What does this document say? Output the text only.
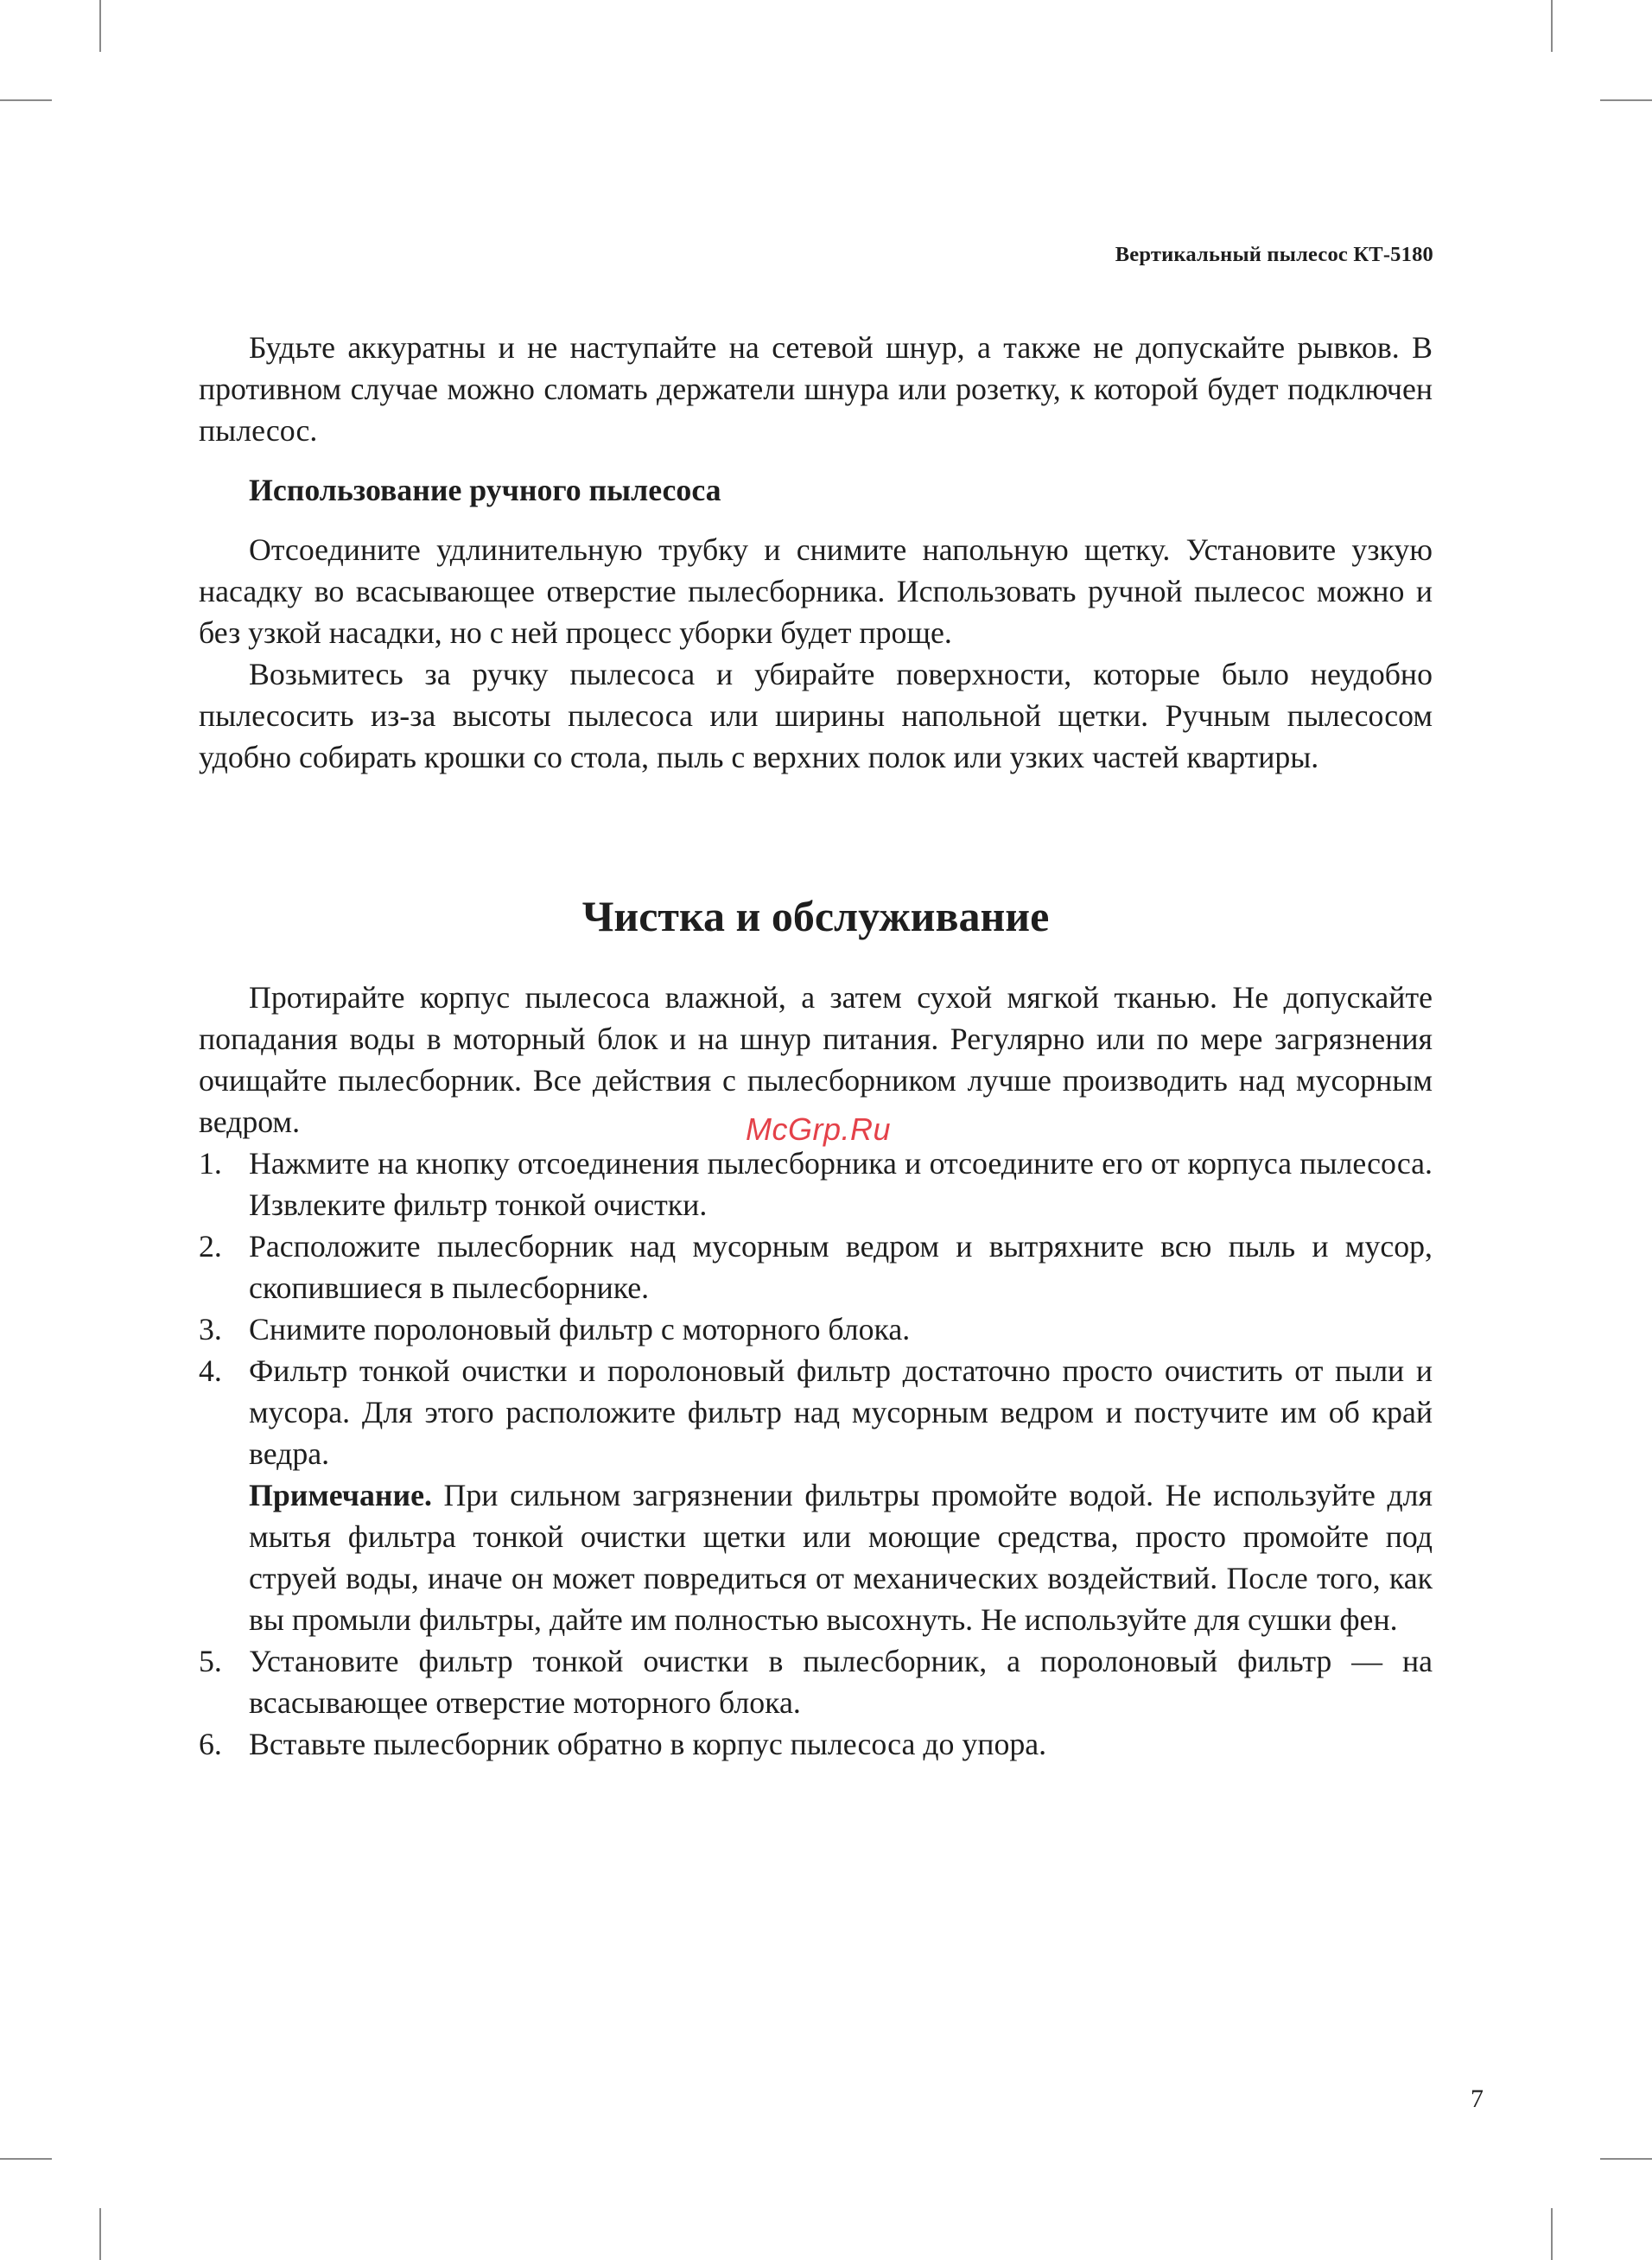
Вертикальный пылесос КТ-5180

Будьте аккуратны и не наступайте на сетевой шнур, а также не допускайте рывков. В противном случае можно сломать держатели шнура или розетку, к которой будет подключен пылесос.

Использование ручного пылесоса

Отсоедините удлинительную трубку и снимите напольную щетку. Установите узкую насадку во всасывающее отверстие пылесборника. Использовать ручной пылесос можно и без узкой насадки, но с ней процесс уборки будет проще.

Возьмитесь за ручку пылесоса и убирайте поверхности, которые было неудобно пылесосить из-за высоты пылесоса или ширины напольной щетки. Ручным пылесосом удобно собирать крошки со стола, пыль с верхних полок или узких частей квартиры.

Чистка и обслуживание

Протирайте корпус пылесоса влажной, а затем сухой мягкой тканью. Не допускайте попадания воды в моторный блок и на шнур питания. Регулярно или по мере загрязнения очищайте пылесборник. Все действия с пылесборником лучше производить над мусорным ведром.

1. Нажмите на кнопку отсоединения пылесборника и отсоедините его от корпуса пылесоса. Извлеките фильтр тонкой очистки.
2. Расположите пылесборник над мусорным ведром и вытряхните всю пыль и мусор, скопившиеся в пылесборнике.
3. Снимите поролоновый фильтр с моторного блока.
4. Фильтр тонкой очистки и поролоновый фильтр достаточно просто очистить от пыли и мусора. Для этого расположите фильтр над мусорным ведром и постучите им об край ведра.
Примечание. При сильном загрязнении фильтры промойте водой. Не используйте для мытья фильтра тонкой очистки щетки или моющие средства, просто промойте под струей воды, иначе он может повредиться от механических воздействий. После того, как вы промыли фильтры, дайте им полностью высохнуть. Не используйте для сушки фен.
5. Установите фильтр тонкой очистки в пылесборник, а поролоновый фильтр — на всасывающее отверстие моторного блока.
6. Вставьте пылесборник обратно в корпус пылесоса до упора.
McGrp.Ru
7
